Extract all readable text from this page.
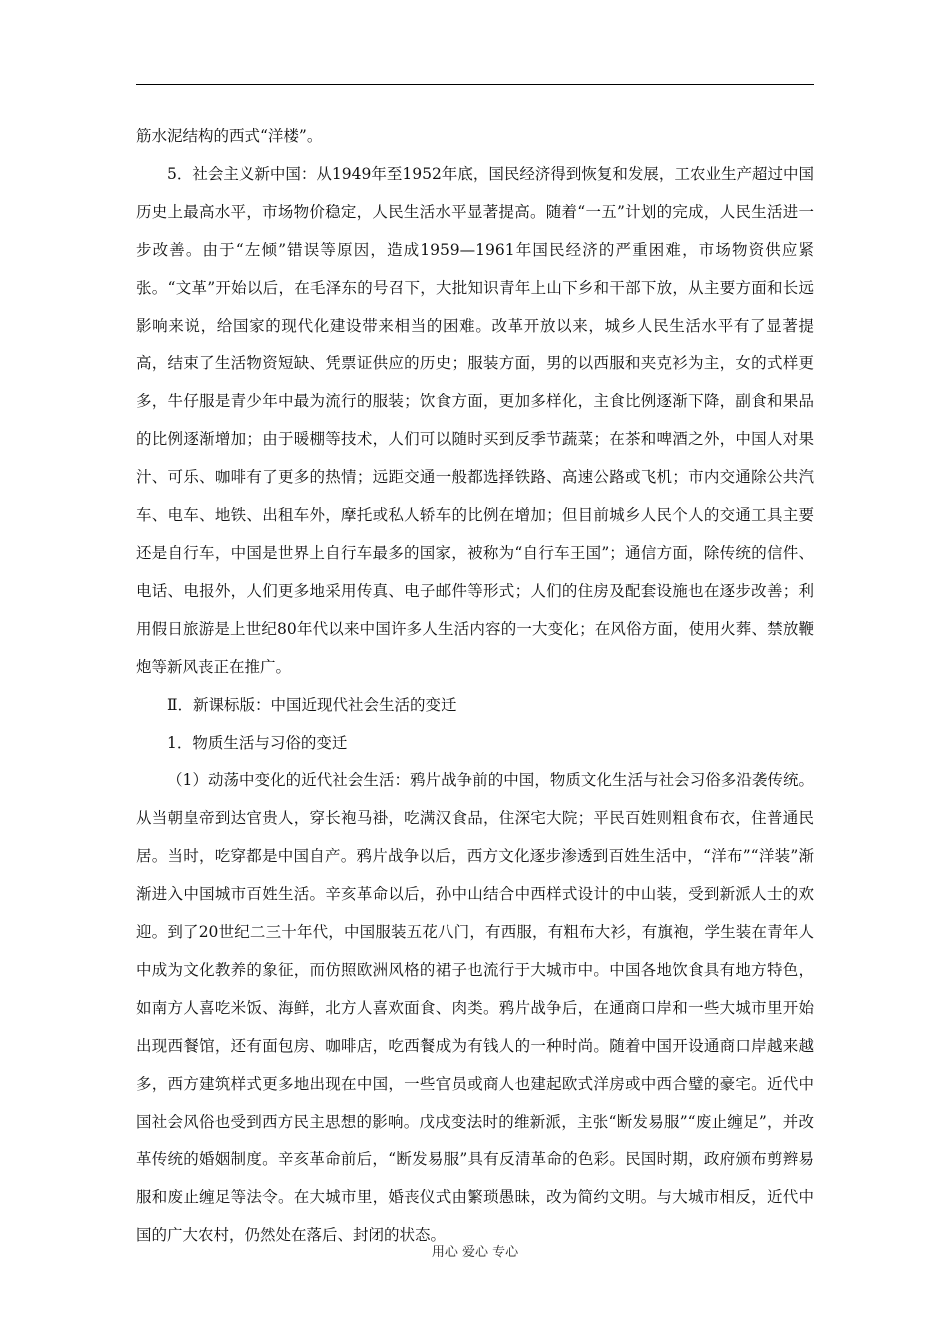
筋水泥结构的西式“洋楼”。

5．社会主义新中国：从1949年至1952年底，国民经济得到恢复和发展，工农业生产超过中国历史上最高水平，市场物价稳定，人民生活水平显著提高。随着“一五”计划的完成，人民生活进一步改善。由于“左倾”错误等原因，造成1959—1961年国民经济的严重困难，市场物资供应紧张。“文革”开始以后，在毛泽东的号召下，大批知识青年上山下乡和干部下放，从主要方面和长远影响来说，给国家的现代化建设带来相当的困难。改革开放以来，城乡人民生活水平有了显著提高，结束了生活物资短缺、凭票证供应的历史；服装方面，男的以西服和夹克衫为主，女的式样更多，牛仔服是青少年中最为流行的服装；饮食方面，更加多样化，主食比例逐渐下降，副食和果品的比例逐渐增加；由于暖棚等技术，人们可以随时买到反季节蔬菜；在茶和啤酒之外，中国人对果汁、可乐、咖啡有了更多的热情；远距交通一般都选择铁路、高速公路或飞机；市内交通除公共汽车、电车、地铁、出租车外，摩托或私人轿车的比例在增加；但目前城乡人民个人的交通工具主要还是自行车，中国是世界上自行车最多的国家，被称为“自行车王国”；通信方面，除传统的信件、电话、电报外，人们更多地采用传真、电子邮件等形式；人们的住房及配套设施也在逐步改善；利用假日旅游是上世纪80年代以来中国许多人生活内容的一大变化；在风俗方面，使用火葬、禁放鞭炮等新风丧正在推广。

Ⅱ．新课标版：中国近现代社会生活的变迁

1．物质生活与习俗的变迁

（1）动荡中变化的近代社会生活：鸦片战争前的中国，物质文化生活与社会习俗多沿袭传统。从当朝皇帝到达官贵人，穿长袍马褂，吃满汉食品，住深宅大院；平民百姓则粗食布衣，住普通民居。当时，吃穿都是中国自产。鸦片战争以后，西方文化逐步渗透到百姓生活中，“洋布”“洋装”渐渐进入中国城市百姓生活。辛亥革命以后，孙中山结合中西样式设计的中山装，受到新派人士的欢迎。到了20世纪二三十年代，中国服装五花八门，有西服，有粗布大衫，有旗袍，学生装在青年人中成为文化教养的象征，而仿照欧洲风格的裙子也流行于大城市中。中国各地饮食具有地方特色，如南方人喜吃米饭、海鲜，北方人喜欢面食、肉类。鸦片战争后，在通商口岸和一些大城市里开始出现西餐馆，还有面包房、咖啡店，吃西餐成为有钱人的一种时尚。随着中国开设通商口岸越来越多，西方建筑样式更多地出现在中国，一些官员或商人也建起欧式洋房或中西合璧的豪宅。近代中国社会风俗也受到西方民主思想的影响。戊戌变法时的维新派，主张“断发易服”“废止缠足”，并改革传统的婚姻制度。辛亥革命前后，“断发易服”具有反清革命的色彩。民国时期，政府颁布剪辫易服和废止缠足等法令。在大城市里，婚丧仪式由繁琐愚昧，改为简约文明。与大城市相反，近代中国的广大农村，仍然处在落后、封闭的状态。

用心 爱心 专心
